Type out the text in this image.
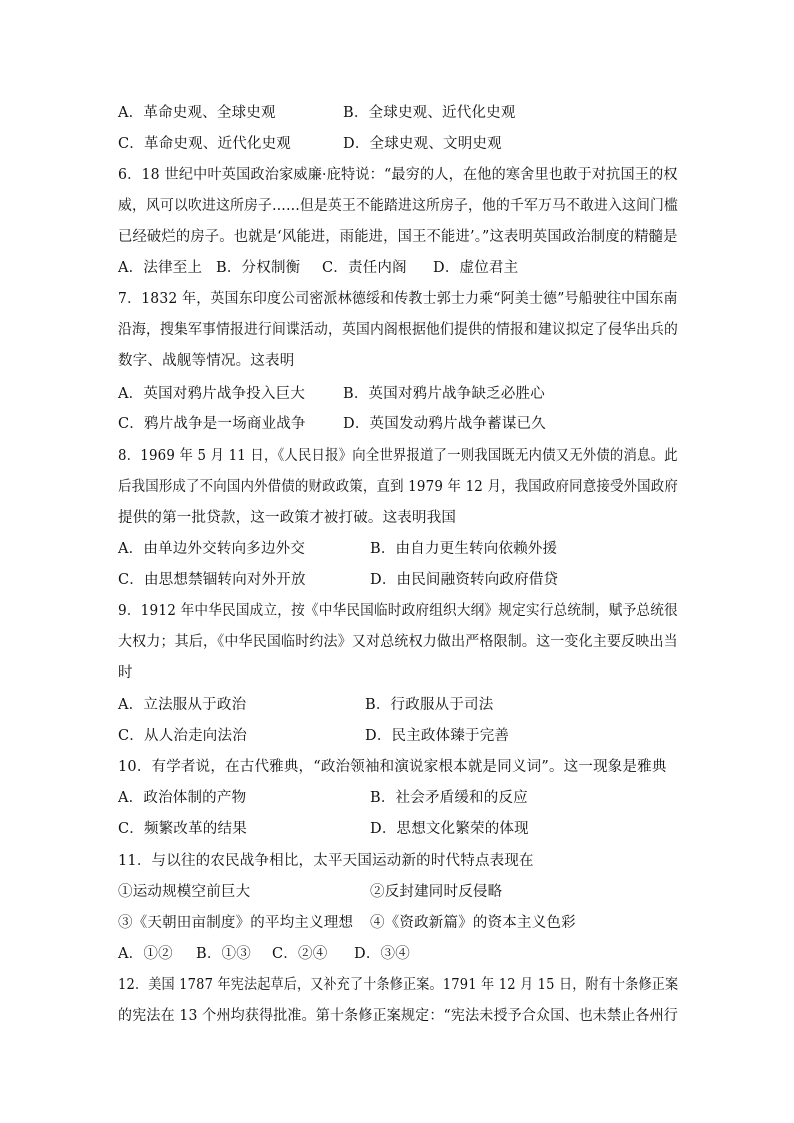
A．革命史观、全球史观	B．全球史观、近代化史观
C．革命史观、近代化史观	D．全球史观、文明史观
6．18 世纪中叶英国政治家威廉·庇特说：“最穷的人，在他的寒舍里也敢于对抗国王的权
威，风可以吹进这所房子……但是英王不能踏进这所房子，他的千军万马不敢进入这间门槛
已经破烂的房子。也就是‘风能进，雨能进，国王不能进’。”这表明英国政治制度的精髓是
A．法律至上 B．分权制衡 C．责任内阁 D．虚位君主
7．1832 年，英国东印度公司密派林德绥和传教士郭士力乘“阿美士德”号船驶往中国东南
沿海，搜集军事情报进行间谍活动，英国内阁根据他们提供的情报和建议拟定了侵华出兵的
数字、战舰等情况。这表明
A．英国对鸦片战争投入巨大	B．英国对鸦片战争缺乏必胜心
C．鸦片战争是一场商业战争	D．英国发动鸦片战争蓄谋已久
8．1969 年 5 月 11 日，《人民日报》向全世界报道了一则我国既无内债又无外债的消息。此
后我国形成了不向国内外借债的财政政策，直到 1979 年 12 月，我国政府同意接受外国政府
提供的第一批贷款，这一政策才被打破。这表明我国
A．由单边外交转向多边外交	B．由自力更生转向依赖外援
C．由思想禁锢转向对外开放	D．由民间融资转向政府借贷
9．1912 年中华民国成立，按《中华民国临时政府组织大纲》规定实行总统制，赋予总统很
大权力；其后，《中华民国临时约法》又对总统权力做出严格限制。这一变化主要反映出当
时
A．立法服从于政治	B．行政服从于司法
C．从人治走向法治	D．民主政体臻于完善
10．有学者说，在古代雅典，“政治领袖和演说家根本就是同义词”。这一现象是雅典
A．政治体制的产物	B．社会矛盾缓和的反应
C．频繁改革的结果	D．思想文化繁荣的体现
11．与以往的农民战争相比，太平天国运动新的时代特点表现在
①运动规模空前巨大	②反封建同时反侵略
③《天朝田亩制度》的平均主义理想 ④《资政新篇》的资本主义色彩
A．①② B．①③ C．②④ D．③④
12．美国 1787 年宪法起草后，又补充了十条修正案。1791 年 12 月 15 日，附有十条修正案
的宪法在 13 个州均获得批准。第十条修正案规定：“宪法未授予合众国、也未禁止各州行
